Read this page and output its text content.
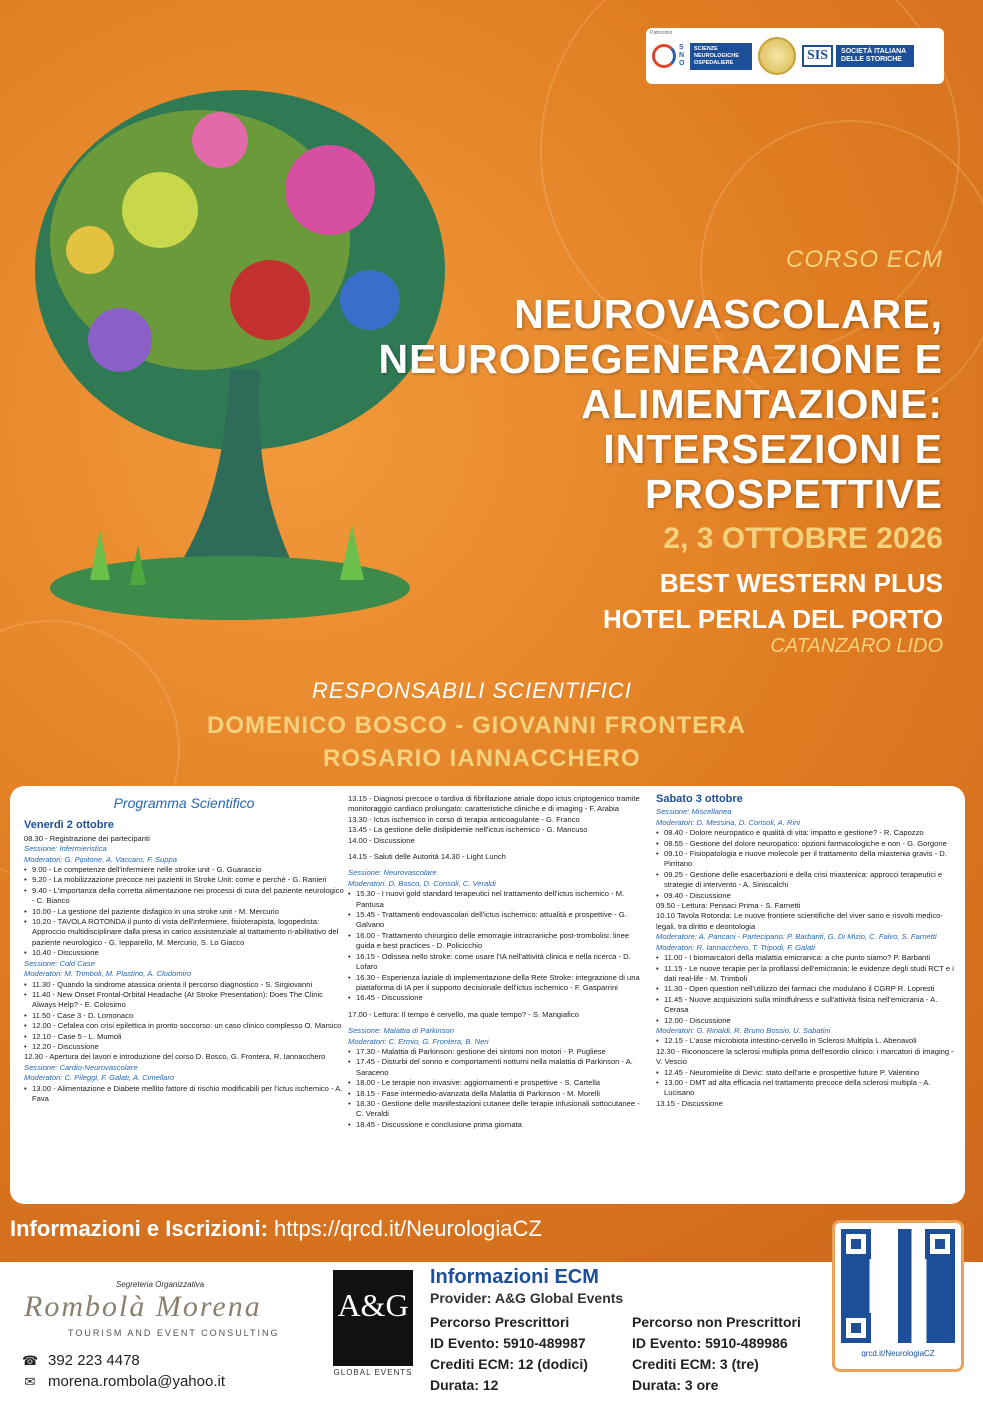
Patrocinio
SNO
SCIENZE NEUROLOGICHE OSPEDALIERE	SIS	SOCIETÀ ITALIANA DELLE STORICHE
CORSO ECM
NEUROVASCOLARE,
NEURODEGENERAZIONE E
ALIMENTAZIONE:
INTERSEZIONI E PROSPETTIVE
2, 3 OTTOBRE 2026
BEST WESTERN PLUS
HOTEL PERLA DEL PORTO
CATANZARO LIDO
RESPONSABILI SCIENTIFICI
DOMENICO BOSCO - GIOVANNI FRONTERA
ROSARIO IANNACCHERO
Programma Scientifico
Venerdì 2 ottobre
08.30 - Registrazione dei partecipanti
Sessione: Infermieristica
Moderatori: G. Pipitone, A. Vaccaro, F. Suppa
• 9.00 - Le competenze dell'infermiere nelle stroke unit - G. Guarascio
• 9.20 - La mobilizzazione precoce nei pazienti in Stroke Unit: come e perché - G. Ranieri
• 9.40 - L'importanza della corretta alimentazione nei processi di cura del paziente neurologico - C. Bianco
• 10.00 - La gestione del paziente disfagico in una stroke unit - M. Mercurio
• 10.20 - TAVOLA ROTONDA il punto di vista dell'infermiere, fisioterapista, logopedista: Approccio multidisciplinare dalla presa in carico assistenziale al trattamento ri-abilitativo del paziente neurologico - G. Iepparello, M. Mercurio, S. Lo Giacco
• 10.40 - Discussione
Sessione: Cold Case
Moderatori: M. Trimboli, M. Plastino, A. Clodomiro
• 11.30 - Quando la sindrome atassica orienta il percorso diagnostico - S. Sirgiovanni
• 11.40 - New Onset Frontal-Orbital Headache (At Stroke Presentation): Does The Clinic Always Help? - E. Colosimo
• 11.50 - Case 3 - D. Lomonaco
• 12.00 - Cefalea con crisi epilettica in pronto soccorso: un caso clinico complesso O. Marsico
• 12.10 - Case 5 - L. Mumoli
• 12.20 - Discussione
12.30 - Apertura dei lavori e introduzione del corso D. Bosco, G. Frontera, R. Iannacchero
Sessione: Cardio-Neurovascolare
Moderatori: C. Pileggi, F. Galati, A. Cimellaro
• 13.00 - Alimentazione e Diabete mellito fattore di rischio modificabili per l'ictus ischemico - A. Fava
13.15 - Diagnosi precoce o tardiva di fibrillazione atriale dopo ictus criptogenico tramite monitoraggio cardiaco prolungato: caratteristiche cliniche e di imaging - F. Arabia
13.30 - Ictus ischemico in corso di terapia anticoagulante - G. Franco
13.45 - La gestione delle dislipidemie nell'ictus ischemico - G. Mancuso
14.00 - Discussione
14.15 - Saluti delle Autorità 14.30 - Light Lunch
Sessione: Neurovascolare
Moderatori: D. Bosco, D. Consoli, C. Veraldi
• 15.30 - I nuovi gold standard terapeutici nel trattamento dell'ictus ischemico - M. Pantusa
• 15.45 - Trattamenti endovascolari dell'ictus ischemico: attualità e prospettive - G. Galvano
• 16.00 - Trattamento chirurgico delle emorragie intracraniche post-trombolisi: linee guida e best practices - D. Policicchio
• 16.15 - Odissea nello stroke: come usare l'IA nell'attività clinica e nella ricerca - D. Lofaro
• 16.30 - Esperienza laziale di implementazione della Rete Stroke: integrazione di una piattaforma di IA per il supporto decisionale dell'ictus ischemico - F. Gasparrini
• 16.45 - Discussione
17.00 - Lettura: Il tempo è cervello, ma quale tempo? - S. Mangiafico
Sessione: Malattia di Parkinson
Moderatori: C. Ermio, G. Frontera, B. Neri
• 17.30 - Malattia di Parkinson: gestione dei sintomi non motori - P. Pugliese
• 17.45 - Disturbi del sonno e comportamenti notturni nella malattia di Parkinson - A. Saraceno
• 18.00 - Le terapie non invasive: aggiornamenti e prospettive - S. Cartella
• 18.15 - Fase intermedio-avanzata della Malattia di Parkinson - M. Morelli
• 18.30 - Gestione delle manifestazioni cutanee delle terapie infusionali sottocutanee - C. Veraldi
• 18.45 - Discussione e conclusione prima giornata
Sabato 3 ottobre
Sessione: Miscellanea
Moderatori: D. Messina, D. Consoli, A. Rini
• 08.40 - Dolore neuropatico e qualità di vita: impatto e gestione? - R. Capozzo
• 08.55 - Gestione del dolore neuropatico: opzioni farmacologiche e non - G. Gorgone
• 09.10 - Fisiopatologia e nuove molecole per il trattamento della miastenia gravis - D. Pirritano
• 09.25 - Gestione delle esacerbazioni e della crisi miastenica: approcci terapeutici e strategie di intervento - A. Siniscalchi
• 09.40 - Discussione
09.50 - Lettura: Pensaci Prima - S. Farnetti
10.10 Tavola Rotonda: Le nuove frontiere scientifiche del viver sano e risvolti medico-legali, tra diritto e deontologia
Moderatore: A. Pancani - Partecipano: P. Barbanti, G. Di Mizio, C. Falvo, S. Farnetti
Moderatori: R. Iannacchero, T. Tripodi, F. Galati
• 11.00 - I biomarcatori della malattia emicranica: a che punto siamo? P. Barbanti
• 11.15 - Le nuove terapie per la profilassi dell'emicrania: le evidenze degli studi RCT e i dati real-life - M. Trimboli
• 11.30 - Open question nell'utilizzo dei farmaci che modulano il CGRP R. Lopresti
• 11.45 - Nuove acquisizioni sulla mindfulness e sull'attività fisica nell'emicrania - A. Cerasa
• 12.00 - Discussione
Moderatori: G. Rinaldi, R. Bruno Bossio, U. Sabatini
• 12.15 - L'asse microbiota intestino-cervello in Sclerosi Multipla L. Abenavoli
12.30 - Riconoscere la sclerosi multipla prima dell'esordio clinico: i marcatori di imaging - V. Vescio
• 12.45 - Neuromielite di Devic: stato dell'arte e prospettive future P. Valentino
• 13.00 - DMT ad alta efficacia nel trattamento precoce della sclerosi multipla - A. Lucisano
13.15 - Discussione
Informazioni e Iscrizioni: https://qrcd.it/NeurologiaCZ
Segreteria Organizzativa
Rombolà Morena
TOURISM AND EVENT CONSULTING
☎ 392 223 4478
✉ morena.rombola@yahoo.it
A&G
GLOBAL EVENTS
Informazioni ECM
Provider: A&G Global Events
Percorso Prescrittori
ID Evento: 5910-489987
Crediti ECM: 12 (dodici)
Durata: 12
Percorso non Prescrittori
ID Evento: 5910-489986
Crediti ECM: 3 (tre)
Durata: 3 ore
qrcd.it/NeurologiaCZ
